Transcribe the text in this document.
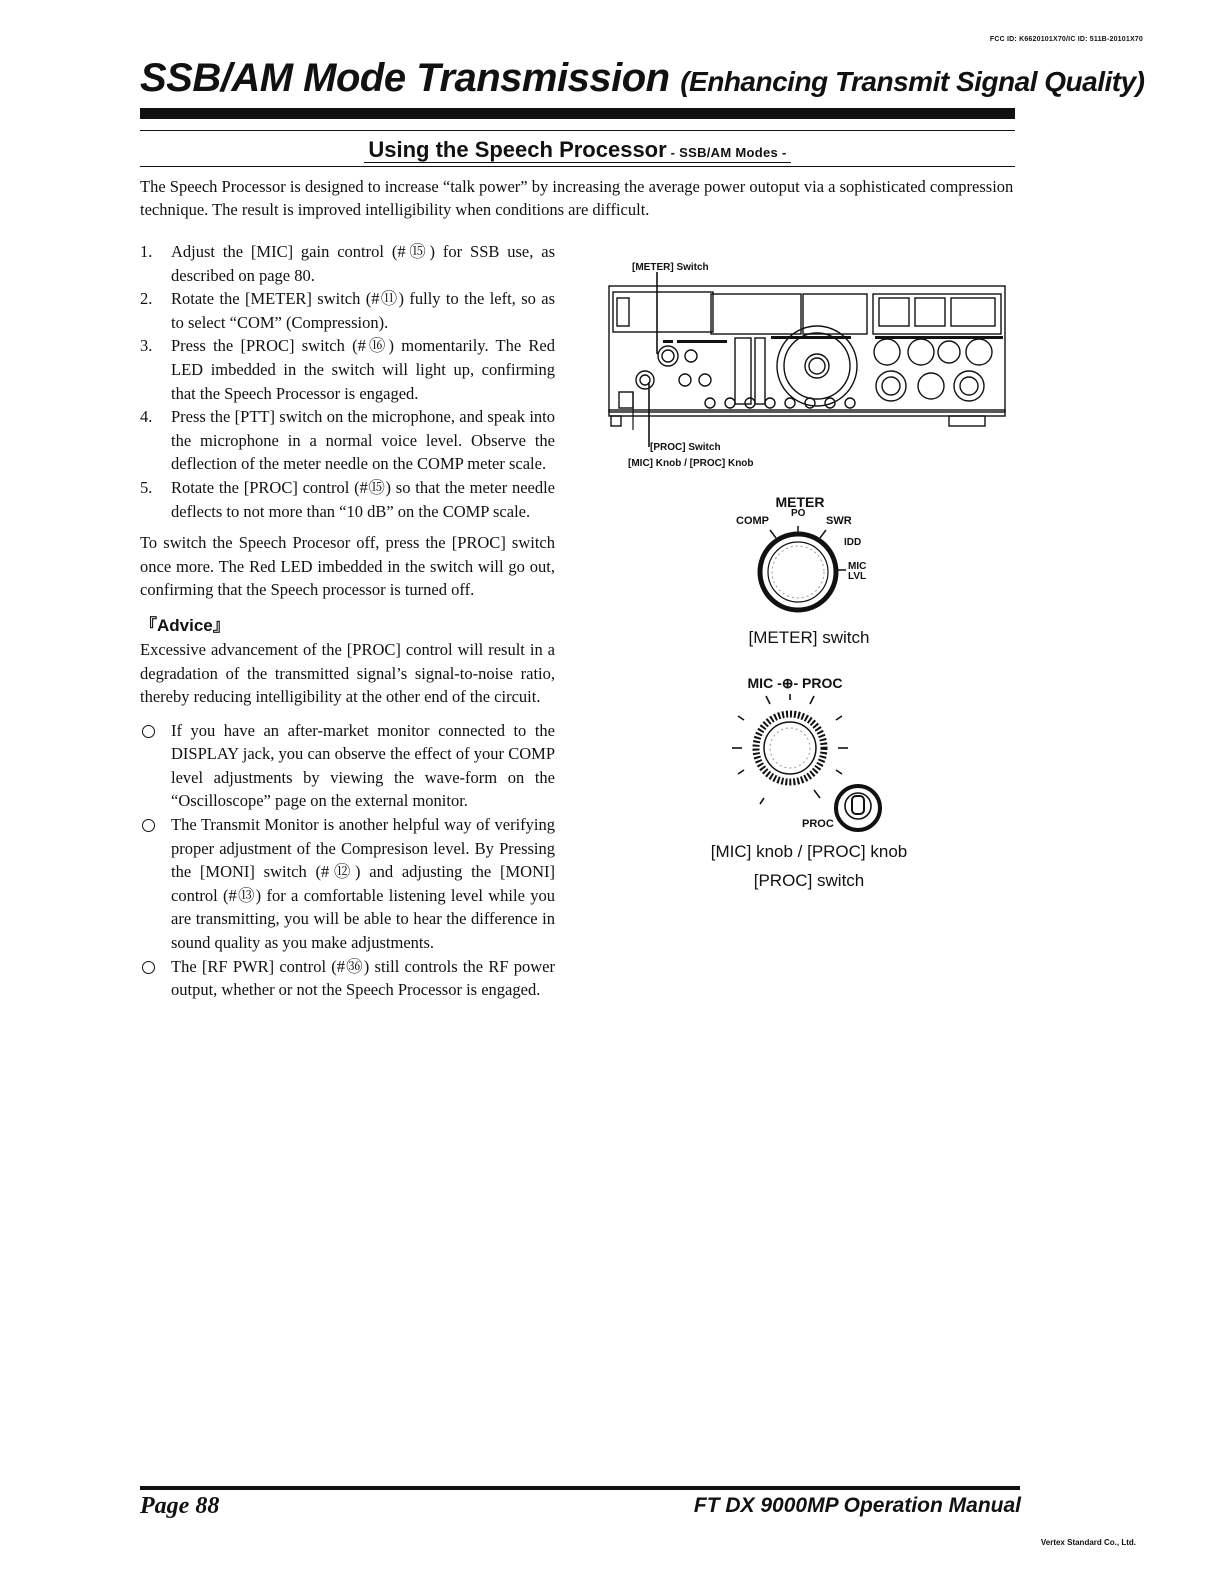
FCC ID: K6620101X70/IC ID: 511B-20101X70
SSB/AM Mode Transmission (Enhancing Transmit Signal Quality)
Using the Speech Processor - SSB/AM Modes -
The Speech Processor is designed to increase “talk power” by increasing the average power outoput via a sophisticated compression technique. The result is improved intelligibility when conditions are difficult.
1. Adjust the [MIC] gain control (#⑮) for SSB use, as described on page 80.
2. Rotate the [METER] switch (#⑪) fully to the left, so as to select “COM” (Compression).
3. Press the [PROC] switch (#⑯) momentarily. The Red LED imbedded in the switch will light up, confirming that the Speech Processor is engaged.
4. Press the [PTT] switch on the microphone, and speak into the microphone in a normal voice level. Observe the deflection of the meter needle on the COMP meter scale.
5. Rotate the [PROC] control (#⑮) so that the meter needle deflects to not more than “10 dB” on the COMP scale.
To switch the Speech Procesor off, press the [PROC] switch once more. The Red LED imbedded in the switch will go out, confirming that the Speech processor is turned off.
『Advice』
Excessive advancement of the [PROC] control will result in a degradation of the transmitted signal’s signal-to-noise ratio, thereby reducing intelligibility at the other end of the circuit.
If you have an after-market monitor connected to the DISPLAY jack, you can observe the effect of your COMP level adjustments by viewing the wave-form on the “Oscilloscope” page on the external monitor.
The Transmit Monitor is another helpful way of verifying proper adjustment of the Compresison level. By Pressing the [MONI] switch (#⑫) and adjusting the [MONI] control (#⑬) for a comfortable listening level while you are transmitting, you will be able to hear the difference in sound quality as you make adjustments.
The [RF PWR] control (#㊱) still controls the RF power output, whether or not the Speech Processor is engaged.
[METER] Switch
[PROC] Switch
[MIC] Knob / [PROC] Knob
METER
COMP
PO
SWR
IDD
MIC
LVL
[METER] switch
MIC -⊕- PROC
PROC
[MIC] knob / [PROC] knob
[PROC] switch
Page 88	FT DX 9000MP Operation Manual
Vertex Standard Co., Ltd.
